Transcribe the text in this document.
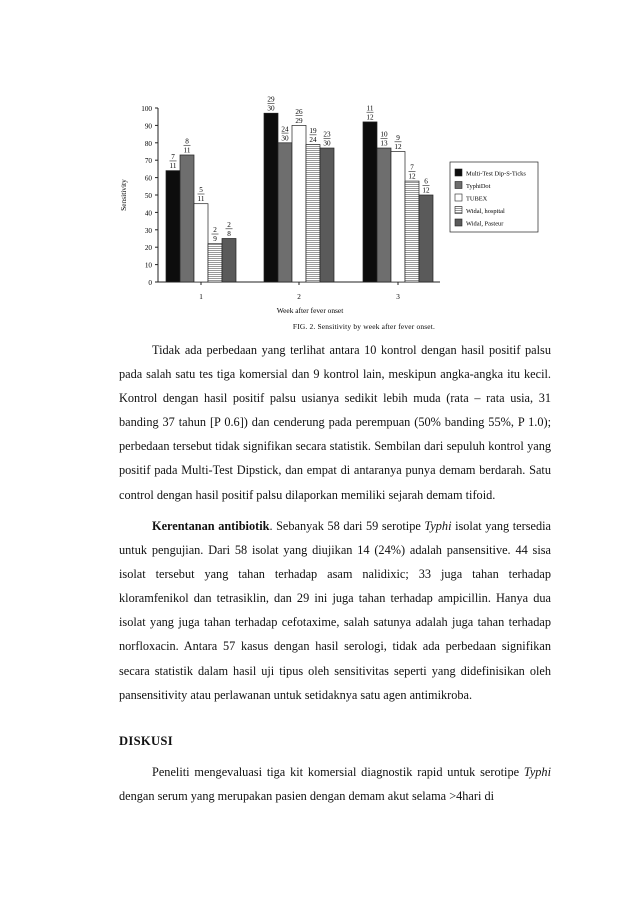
0
10
20
30
40
50
60
70
80
90
100
Sensitivity
1	2	3
Week after fever onset
FIG. 2. Sensitivity by week after fever onset.
7
11
8
11
5
11
2
9
2
8
29
30
24
30
26
29
19
24
23
30
11
12
10
13
9
12
7
12
6
12
Multi-Test Dip-S-Ticks
TyphiDot
TUBEX
Widal, hospital
Widal, Pasteur

Tidak ada perbedaan yang terlihat antara 10 kontrol dengan hasil positif palsu pada salah satu tes tiga komersial dan 9 kontrol lain, meskipun angka-angka itu kecil. Kontrol dengan hasil positif palsu usianya sedikit lebih muda (rata – rata usia, 31 banding 37 tahun [P 0.6]) dan cenderung pada perempuan (50% banding 55%, P 1.0); perbedaan tersebut tidak signifikan secara statistik. Sembilan dari sepuluh kontrol yang positif pada Multi-Test Dipstick, dan empat di antaranya punya demam berdarah. Satu control dengan hasil positif palsu dilaporkan memiliki sejarah demam tifoid.

Kerentanan antibiotik. Sebanyak 58 dari 59 serotipe Typhi isolat yang tersedia untuk pengujian. Dari 58 isolat yang diujikan 14 (24%) adalah pansensitive. 44 sisa isolat tersebut yang tahan terhadap asam nalidixic; 33 juga tahan terhadap kloramfenikol dan tetrasiklin, dan 29 ini juga tahan terhadap ampicillin. Hanya dua isolat yang juga tahan terhadap cefotaxime, salah satunya adalah juga tahan terhadap norfloxacin. Antara 57 kasus dengan hasil serologi, tidak ada perbedaan signifikan secara statistik dalam hasil uji tipus oleh sensitivitas seperti yang didefinisikan oleh pansensitivity atau perlawanan untuk setidaknya satu agen antimikroba.

DISKUSI

Peneliti mengevaluasi tiga kit komersial diagnostik rapid untuk serotipe Typhi dengan serum yang merupakan pasien dengan demam akut selama >4hari di
